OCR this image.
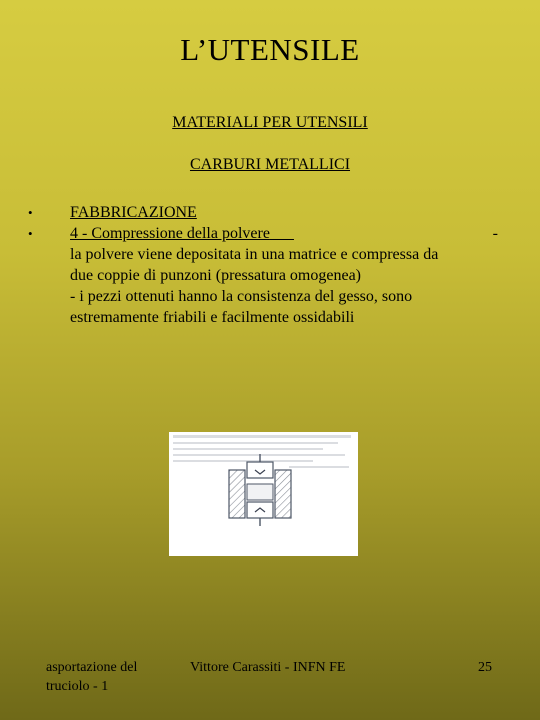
L’UTENSILE
MATERIALI PER UTENSILI
CARBURI METALLICI
•	FABBRICAZIONE
•	4 - Compressione della polvere	-
la polvere viene depositata in una matrice e compressa da
due coppie di punzoni (pressatura omogenea)
- i pezzi ottenuti hanno la consistenza del gesso, sono
estremamente friabili e facilmente ossidabili
asportazione del
truciolo - 1
Vittore Carassiti - INFN FE	25
